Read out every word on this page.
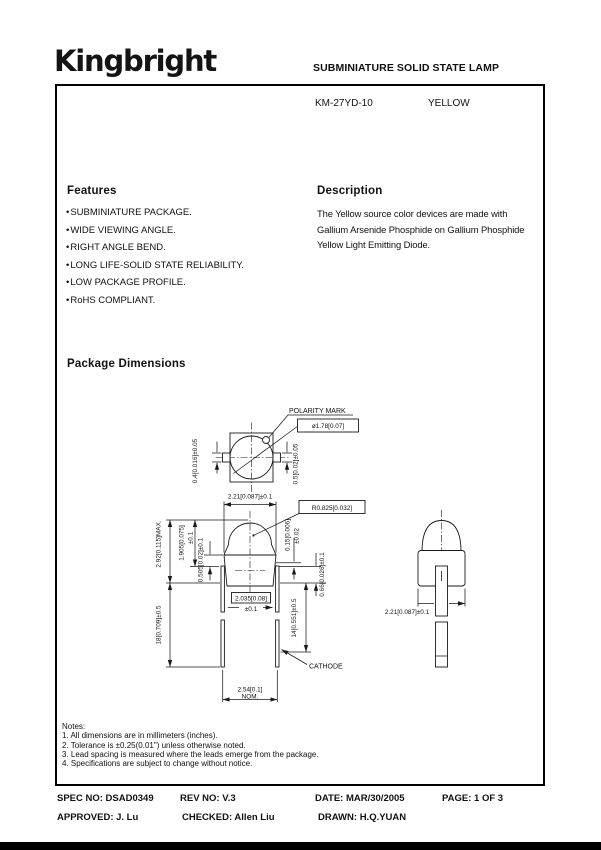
Kingbright	SUBMINIATURE SOLID STATE LAMP
KM-27YD-10	YELLOW
Features
• SUBMINIATURE PACKAGE.
• WIDE VIEWING ANGLE.
• RIGHT ANGLE BEND.
• LONG LIFE-SOLID STATE RELIABILITY.
• LOW PACKAGE PROFILE.
• RoHS COMPLIANT.
Description
The Yellow source color devices are made with Gallium Arsenide Phosphide on Gallium Phosphide Yellow Light Emitting Diode.
Package Dimensions
POLARITY MARK
ø1.78[0.07]
0.4[0.016]±0.05	0.5[0.02]±0.05
2.21[0.087]±0.1
R0.825[0.032]
2.92[0.115]MAX.
18[0.709]±0.5
1.905[0.075] ±0.1 0.505[0.02]±0.1
0.15[0.006] ±0.02
0.66[0.026]±0.1
14[0.551]±0.5
2.035[0.08]
±0.1
2.54[0.1]
NOM.
CATHODE
2.21[0.087]±0.1
Notes:
1. All dimensions are in millimeters (inches).
2. Tolerance is ±0.25(0.01") unless otherwise noted.
3. Lead spacing is measured where the leads emerge from the package.
4. Specifications are subject to change without notice.
SPEC NO: DSAD0349	REV NO: V.3	DATE: MAR/30/2005	PAGE: 1 OF 3
APPROVED: J. Lu	CHECKED: Allen Liu	DRAWN: H.Q.YUAN
